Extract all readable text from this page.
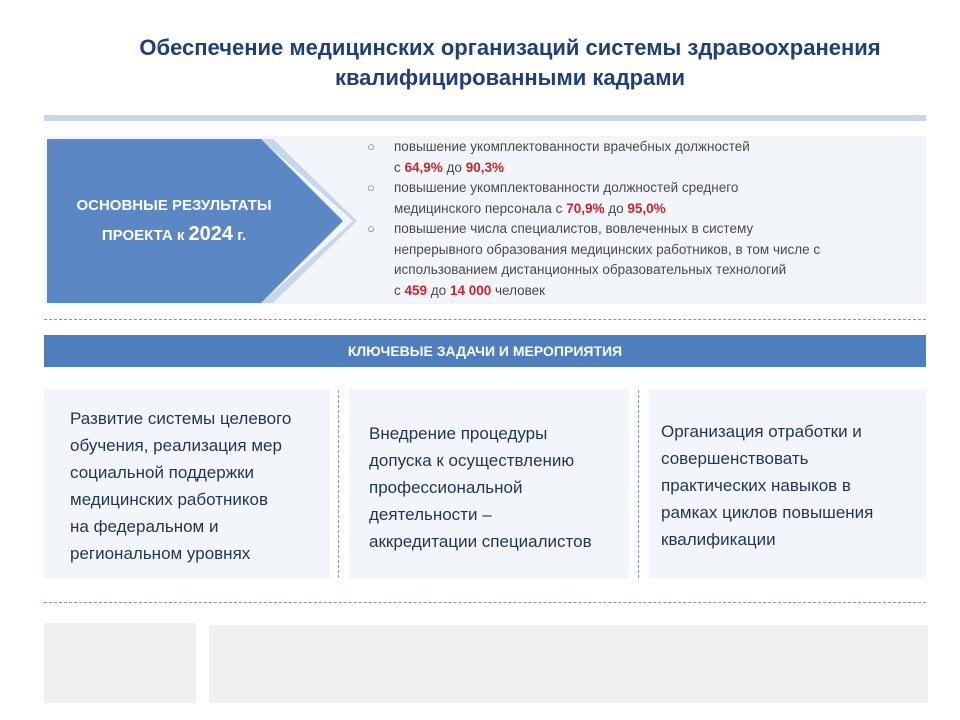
Обеспечение медицинских организаций системы здравоохранения
квалифицированными кадрами
ОСНОВНЫЕ РЕЗУЛЬТАТЫ
ПРОЕКТА к 2024 г.
○ повышение укомплектованности врачебных должностей
с 64,9% до 90,3%
○ повышение укомплектованности должностей среднего
медицинского персонала с 70,9% до 95,0%
○ повышение числа специалистов, вовлеченных в систему
непрерывного образования медицинских работников, в том числе с
использованием дистанционных образовательных технологий
с 459 до 14 000 человек
КЛЮЧЕВЫЕ ЗАДАЧИ И МЕРОПРИЯТИЯ
Развитие системы целевого
обучения, реализация мер
социальной поддержки
медицинских работников
на федеральном и
региональном уровнях
Внедрение процедуры
допуска к осуществлению
профессиональной
деятельности –
аккредитации специалистов
Организация отработки и
совершенствовать
практических навыков в
рамках циклов повышения
квалификации
